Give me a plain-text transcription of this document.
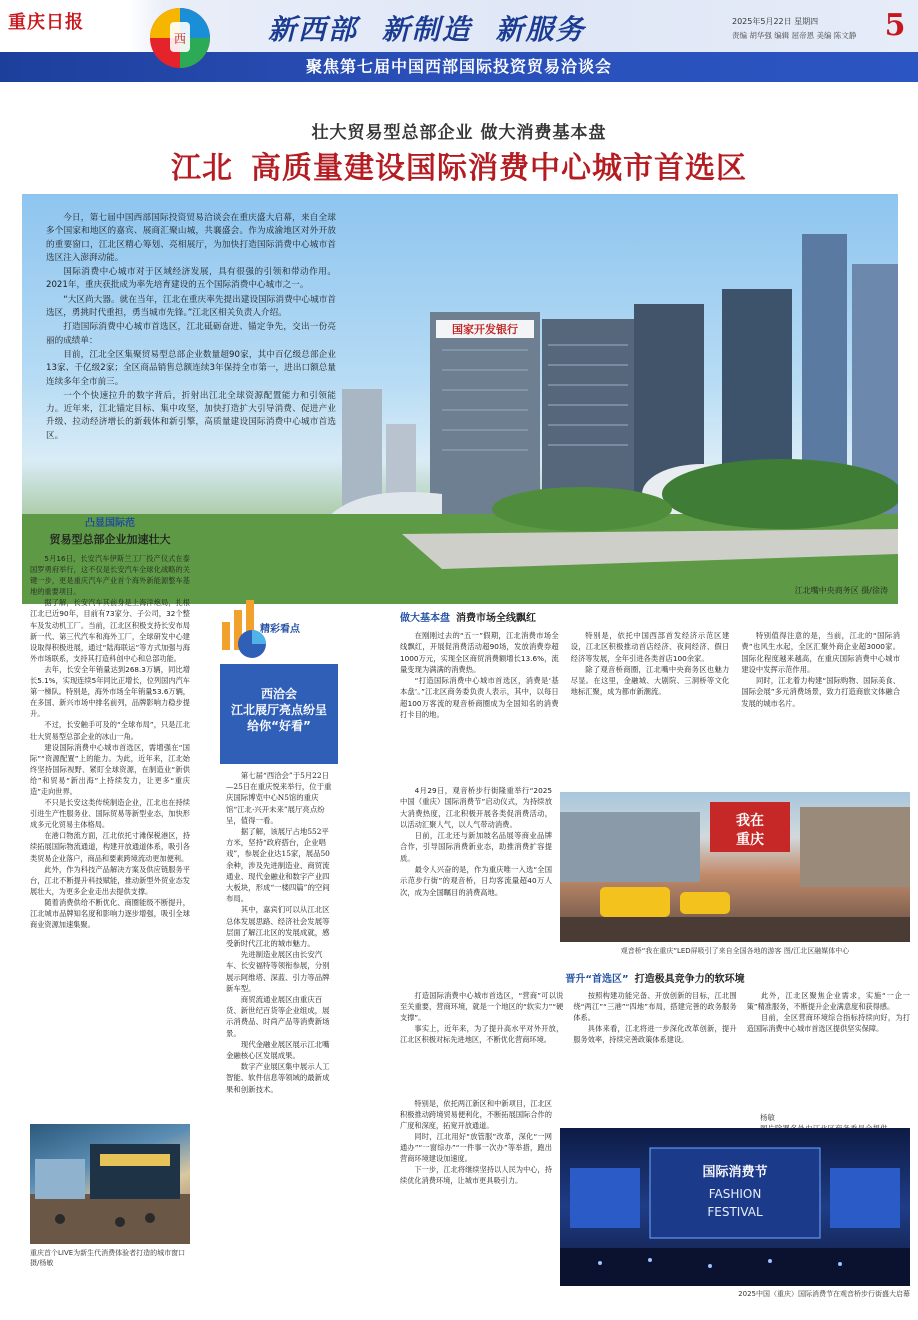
重庆日报
西	新西部 新制造 新服务	2025年5月22日 星期四
责编 胡华强 编辑 屈帝恩 美编 陈文静 5
聚焦第七届中国西部国际投资贸易洽谈会
壮大贸易型总部企业 做大消费基本盘
江北 高质量建设国际消费中心城市首选区
国家开发银行
江北嘴中央商务区 摄/徐涛

今日，第七届中国西部国际投资贸易洽谈会在重庆盛大启幕，来自全球多个国家和地区的嘉宾、展商汇聚山城，共襄盛会。作为成渝地区对外开放的重要窗口，江北区精心筹划、亮相展厅，为加快打造国际消费中心城市首选区注入澎湃动能。

国际消费中心城市对于区域经济发展，具有很强的引领和带动作用。2021年，重庆获批成为率先培育建设的五个国际消费中心城市之一。

“大区尚大器。就在当年，江北在重庆率先提出建设国际消费中心城市首选区，勇挑时代重担，勇当城市先锋。”江北区相关负责人介绍。

打造国际消费中心城市首选区，江北砥砺奋进、锚定争先，交出一份亮丽的成绩单：

目前，江北全区集聚贸易型总部企业数量超90家，其中百亿级总部企业13家、千亿级2家；全区商品销售总额连续3年保持全市第一，进出口额总量连续多年全市前三。

一个个快速拉升的数字背后，折射出江北全球资源配置能力和引领能力。近年来，江北锚定目标、集中攻坚，加快打造扩大引导消费、促进产业升级、拉动经济增长的新载体和新引擎，高质量建设国际消费中心城市首选区。

凸显国际范
贸易型总部企业加速壮大

5月16日，长安汽车伊斯兰工厂投产仪式在泰国罗勇府举行，这不仅是长安汽车全球化战略的关键一步，更是重庆汽车产业首个海外新能源整车基地的重要项目。

据了解，长安汽车其前身是上海洋炮局，扎根江北已近90年，目前有73家分、子公司，32个整车及发动机工厂。当前，江北区积极支持长安布局新一代、第三代汽车和海外工厂，全球研发中心建设取得积极进展，通过“陆海联运”等方式加强与海外市场联系，支持其打造科创中心和总部功能。

去年，长安全年销量达到268.3万辆，同比增长5.1%，实现连续5年同比正增长，位列国内汽车第一梯队。特别是，海外市场全年销量53.6万辆，在多国、新兴市场中排名前列，品牌影响力稳步提升。

不过，长安触手可及的“全球布局”，只是江北壮大贸易型总部企业的冰山一角。

建设国际消费中心城市首选区，需增强在“国际”“资源配置”上的能力。为此，近年来，江北始终坚持国际视野、紧盯全球资源，在制造业“新供给”和贸易“新出海”上持续发力，让更多“重庆造”走向世界。

不只是长安这类传统制造企业，江北也在持续引进生产性服务业、国际贸易等新型业态，加快形成多元化贸易主体格局。

在港口物流方面，江北依托寸滩保税港区，持续拓展国际物流通道，构建开放通道体系，吸引各类贸易企业落户，商品和要素跨境流动更加便利。

此外，作为科技产品解决方案及供应链服务平台，江北不断提升科技赋能，推动新型外贸业态发展壮大，为更多企业走出去提供支撑。

随着消费供给不断优化、商圈能级不断提升，江北城市品牌知名度和影响力逐步增强，吸引全球商业资源加速集聚。

重庆首个LIVE为新生代消费体验者打造的城市窗口 摄/杨敏
精彩看点
西洽会
江北展厅亮点纷呈
给你“好看”

第七届“西洽会”于5月22日—25日在重庆悦来举行，位于重庆国际博览中心N5馆的重庆馆“江北·兴开未来”展厅亮点纷呈，值得一看。

据了解，该展厅占地552平方米，坚持“政府搭台，企业唱戏”，参展企业达15家，展品50余种，涉及先进制造业、商贸流通业、现代金融业和数字产业四大板块，形成“一楼四篇”的空间布局。

其中，嘉宾们可以从江北区总体发展思路、经济社会发展等层面了解江北区的发展成就，感受新时代江北的城市魅力。

先进制造业展区由长安汽车、长安福特等领衔参展，分别展示阿维塔、深蓝、引力等品牌新车型。

商贸流通业展区由重庆百货、新世纪百货等企业组成，展示消费品、时尚产品等消费新场景。

现代金融业展区展示江北嘴金融核心区发展成果。

数字产业展区集中展示人工智能、软件信息等领域的最新成果和创新技术。

做大基本盘 消费市场全线飘红

在刚刚过去的“五一”假期，江北消费市场全线飘红，开展促消费活动超90场，发放消费券超1000万元，实现全区商贸消费额增长13.6%，流量变现为满满的消费热。

“打造国际消费中心城市首选区，消费是‘基本盘’。”江北区商务委负责人表示，其中，以每日超100万客流的观音桥商圈成为全国知名的消费打卡目的地。

特别是，依托中国西部首发经济示范区建设，江北区积极推动首店经济、夜间经济、假日经济等发展，全年引进各类首店100余家。

除了观音桥商圈，江北嘴中央商务区也魅力尽显。在这里，金融城、大剧院、三洞桥等文化地标汇聚，成为都市新潮流。

特别值得注意的是，当前，江北的“国际消费”也风生水起，全区汇聚外商企业超3000家。国际化程度越来越高，在重庆国际消费中心城市建设中发挥示范作用。

同时，江北着力构建“国际购物、国际美食、国际会展”多元消费场景，致力打造商旅文体融合发展的城市名片。

4月29日，观音桥步行街隆重举行“2025中国（重庆）国际消费节”启动仪式，为持续放大消费热度，江北积极开展各类促消费活动，以活动汇聚人气，以人气带动消费。

日前，江北还与新加坡名品展等商业品牌合作，引导国际消费新业态，助推消费扩容提质。

最令人兴奋的是，作为重庆唯一入选“全国示范步行街”的观音桥，日均客流量超40万人次，成为全国瞩目的消费高地。

我在
重庆
观音桥“我在重庆”LED屏吸引了来自全国各地的游客 图/江北区融媒体中心
晋升“首选区” 打造极具竞争力的软环境

打造国际消费中心城市首选区，“营商”可以说至关重要，营商环境，就是一个地区的“软实力”“硬支撑”。

事实上，近年来，为了提升高水平对外开放，江北区积极对标先进地区，不断优化营商环境。

按照构建功能完备、开放创新的目标，江北围绕“两江”“三港”“四地”布局，搭建完善的政务服务体系。

具体来看，江北将进一步深化改革创新，提升服务效率，持续完善政策体系建设。

此外，江北区聚焦企业需求，实施“一企一策”精准服务，不断提升企业满意度和获得感。

目前，全区营商环境综合指标持续向好，为打造国际消费中心城市首选区提供坚实保障。

特别是，依托两江新区和中新项目，江北区积极推动跨境贸易便利化，不断拓展国际合作的广度和深度，拓宽开放通道。

同时，江北用好“放管服”改革，深化“一网通办”“一窗综办”“一件事一次办”等举措，跑出营商环境建设加速度。

下一步，江北将继续坚持以人民为中心，持续优化消费环境，让城市更具吸引力。

杨敏
国际消费节
FASHION
FESTIVAL
2025中国（重庆）国际消费节在观音桥步行街盛大启幕
